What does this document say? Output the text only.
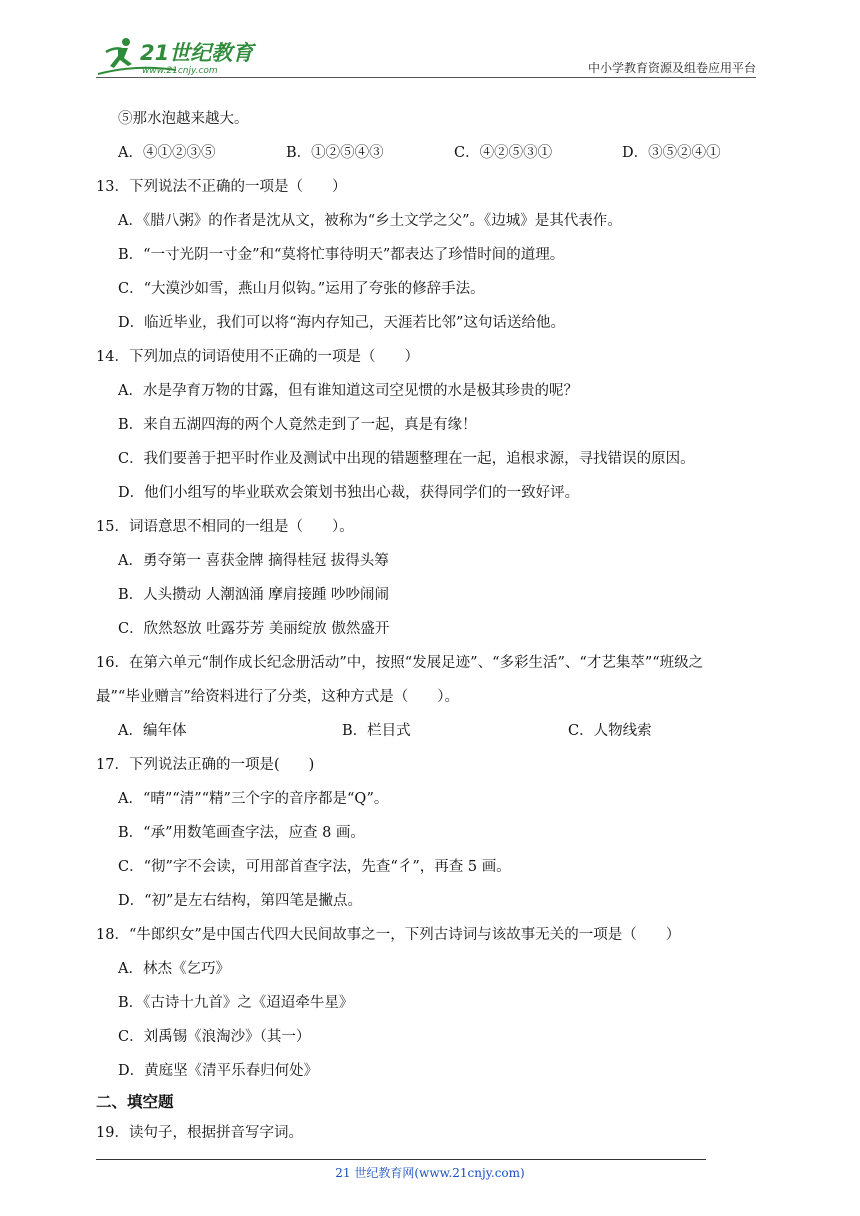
21世纪教育
www.21cnjy.com	中小学教育资源及组卷应用平台
⑤那水泡越来越大。
A．④①②③⑤	B．①②⑤④③	C．④②⑤③①	D．③⑤②④①
13．下列说法不正确的一项是（　　）
A．《腊八粥》的作者是沈从文，被称为“乡土文学之父”。《边城》是其代表作。
B．“一寸光阴一寸金”和“莫将忙事待明天”都表达了珍惜时间的道理。
C．“大漠沙如雪，燕山月似钩。”运用了夸张的修辞手法。
D．临近毕业，我们可以将“海内存知己，天涯若比邻”这句话送给他。
14．下列加点的词语使用不正确的一项是（　　）
A．水是孕育万物的甘露，但有谁知道这司空见惯的水是极其珍贵的呢？
B．来自五湖四海的两个人竟然走到了一起，真是有缘！
C．我们要善于把平时作业及测试中出现的错题整理在一起，追根求源，寻找错误的原因。
D．他们小组写的毕业联欢会策划书独出心裁，获得同学们的一致好评。
15．词语意思不相同的一组是（　　）。
A．勇夺第一 喜获金牌 摘得桂冠 拔得头筹
B．人头攒动 人潮汹涌 摩肩接踵 吵吵闹闹
C．欣然怒放 吐露芬芳 美丽绽放 傲然盛开
16．在第六单元“制作成长纪念册活动”中，按照“发展足迹”、“多彩生活”、“才艺集萃”“班级之
最”“毕业赠言”给资料进行了分类，这种方式是（　　）。
A．编年体	B．栏目式	C．人物线索
17．下列说法正确的一项是(　　)
A．“晴”“清”“精”三个字的音序都是“Q”。
B．“承”用数笔画查字法，应查 8 画。
C．“彻”字不会读，可用部首查字法，先查“彳”，再查 5 画。
D．“初”是左右结构，第四笔是撇点。
18．“牛郎织女”是中国古代四大民间故事之一，下列古诗词与该故事无关的一项是（　　）
A．林杰《乞巧》
B．《古诗十九首》之《迢迢牵牛星》
C．刘禹锡《浪淘沙》（其一）
D．黄庭坚《清平乐春归何处》
二、填空题
19．读句子，根据拼音写字词。
21 世纪教育网(www.21cnjy.com)
